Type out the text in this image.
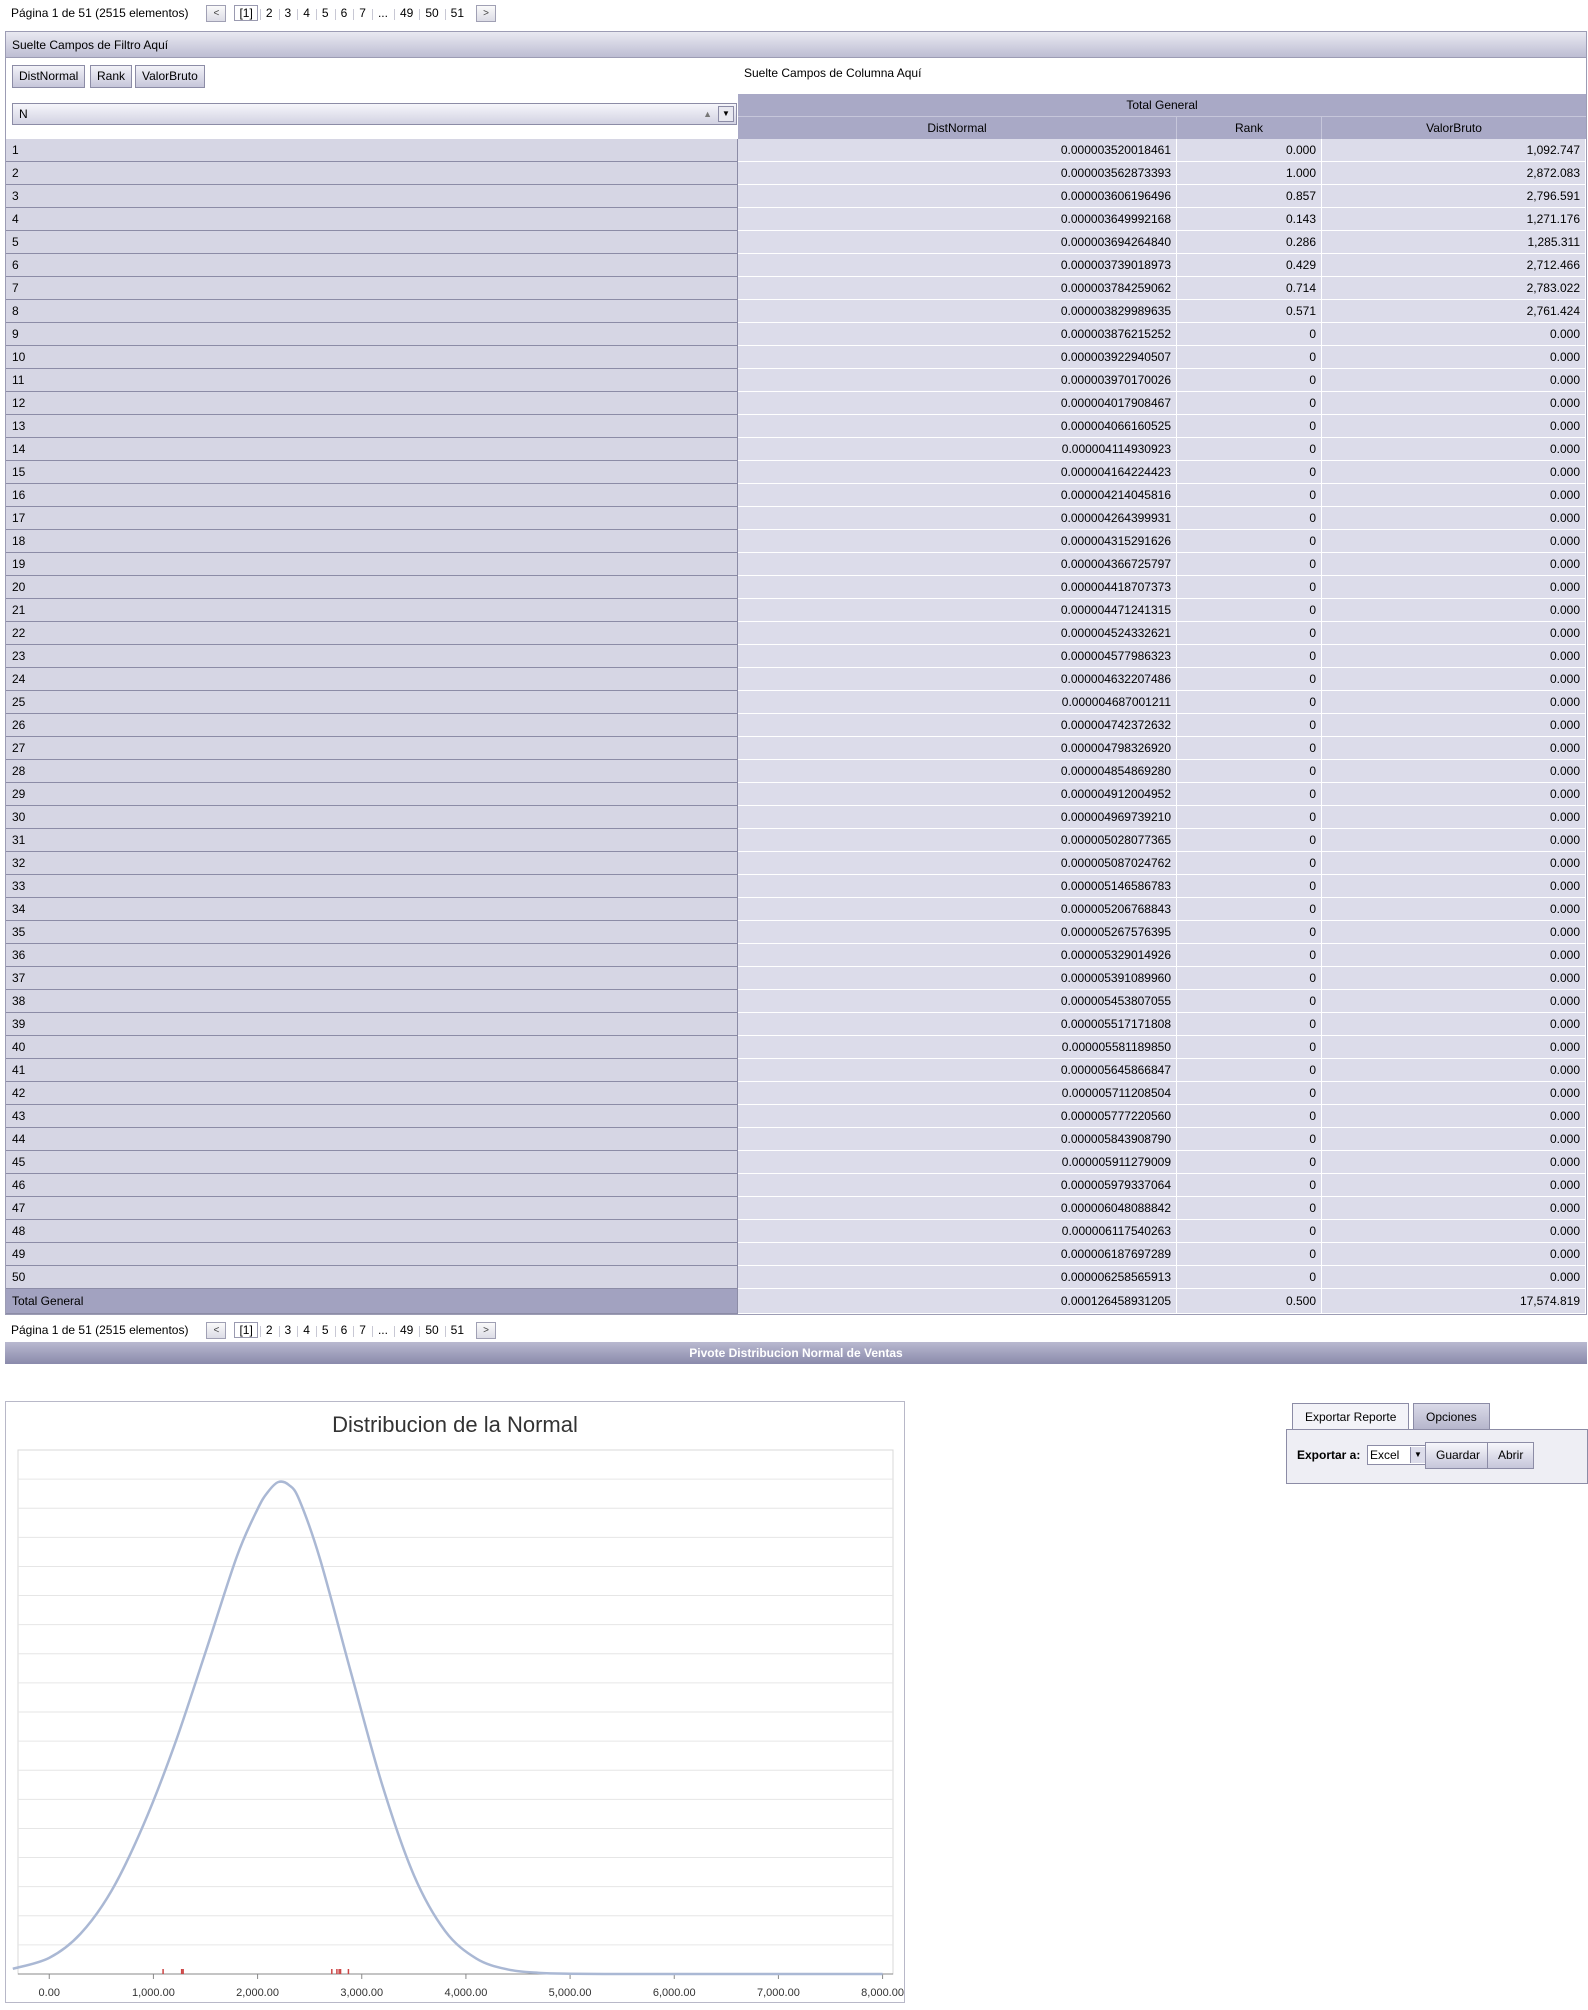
Página 1 de 51 (2515 elementos)	<	[1]	2	3	4	5	6	7	...	49	50	51	>
Suelte Campos de Filtro Aquí
DistNormal	Rank	ValorBruto	Suelte Campos de Columna Aquí
N	▲	▼
Total General
DistNormal	Rank	ValorBruto
1	0.000003520018461	0.000	1,092.747
2	0.000003562873393	1.000	2,872.083
3	0.000003606196496	0.857	2,796.591
4	0.000003649992168	0.143	1,271.176
5	0.000003694264840	0.286	1,285.311
6	0.000003739018973	0.429	2,712.466
7	0.000003784259062	0.714	2,783.022
8	0.000003829989635	0.571	2,761.424
9	0.000003876215252	0	0.000
10	0.000003922940507	0	0.000
11	0.000003970170026	0	0.000
12	0.000004017908467	0	0.000
13	0.000004066160525	0	0.000
14	0.000004114930923	0	0.000
15	0.000004164224423	0	0.000
16	0.000004214045816	0	0.000
17	0.000004264399931	0	0.000
18	0.000004315291626	0	0.000
19	0.000004366725797	0	0.000
20	0.000004418707373	0	0.000
21	0.000004471241315	0	0.000
22	0.000004524332621	0	0.000
23	0.000004577986323	0	0.000
24	0.000004632207486	0	0.000
25	0.000004687001211	0	0.000
26	0.000004742372632	0	0.000
27	0.000004798326920	0	0.000
28	0.000004854869280	0	0.000
29	0.000004912004952	0	0.000
30	0.000004969739210	0	0.000
31	0.000005028077365	0	0.000
32	0.000005087024762	0	0.000
33	0.000005146586783	0	0.000
34	0.000005206768843	0	0.000
35	0.000005267576395	0	0.000
36	0.000005329014926	0	0.000
37	0.000005391089960	0	0.000
38	0.000005453807055	0	0.000
39	0.000005517171808	0	0.000
40	0.000005581189850	0	0.000
41	0.000005645866847	0	0.000
42	0.000005711208504	0	0.000
43	0.000005777220560	0	0.000
44	0.000005843908790	0	0.000
45	0.000005911279009	0	0.000
46	0.000005979337064	0	0.000
47	0.000006048088842	0	0.000
48	0.000006117540263	0	0.000
49	0.000006187697289	0	0.000
50	0.000006258565913	0	0.000
Total General	0.000126458931205	0.500	17,574.819
Página 1 de 51 (2515 elementos)	<	[1]	2	3	4	5	6	7	...	49	50	51	>
Pivote Distribucion Normal de Ventas
Distribucion de la Normal
0.00	1,000.00	2,000.00	3,000.00	4,000.00	5,000.00	6,000.00	7,000.00	8,000.00
Exportar Reporte	Opciones
Exportar a: Excel	▼	Guardar	Abrir
